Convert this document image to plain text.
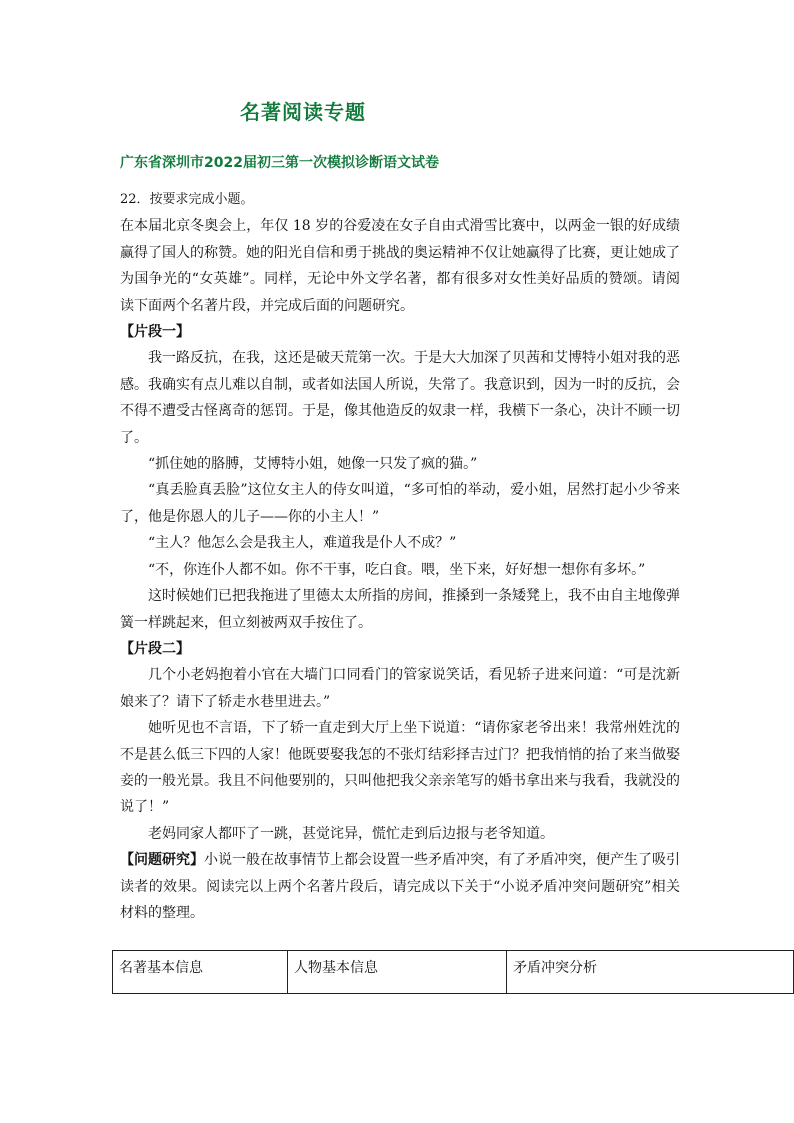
名著阅读专题
广东省深圳市2022届初三第一次模拟诊断语文试卷

22．按要求完成小题。

在本届北京冬奥会上，年仅 18 岁的谷爱凌在女子自由式滑雪比赛中，以两金一银的好成绩赢得了国人的称赞。她的阳光自信和勇于挑战的奥运精神不仅让她赢得了比赛，更让她成了为国争光的“女英雄”。同样，无论中外文学名著，都有很多对女性美好品质的赞颂。请阅读下面两个名著片段，并完成后面的问题研究。

【片段一】

我一路反抗，在我，这还是破天荒第一次。于是大大加深了贝茜和艾博特小姐对我的恶感。我确实有点儿难以自制，或者如法国人所说，失常了。我意识到，因为一时的反抗，会不得不遭受古怪离奇的惩罚。于是，像其他造反的奴隶一样，我横下一条心，决计不顾一切了。

“抓住她的胳膊，艾博特小姐，她像一只发了疯的猫。”

“真丢脸真丢脸”这位女主人的侍女叫道，“多可怕的举动，爱小姐，居然打起小少爷来了，他是你恩人的儿子——你的小主人！”

“主人？他怎么会是我主人，难道我是仆人不成？”

“不，你连仆人都不如。你不干事，吃白食。喂，坐下来，好好想一想你有多坏。”

这时候她们已把我拖进了里德太太所指的房间，推搡到一条矮凳上，我不由自主地像弹簧一样跳起来，但立刻被两双手按住了。

【片段二】

几个小老妈抱着小官在大墙门口同看门的管家说笑话，看见轿子进来问道：“可是沈新娘来了？请下了轿走水巷里进去。”

她听见也不言语，下了轿一直走到大厅上坐下说道：“请你家老爷出来！我常州姓沈的不是甚么低三下四的人家！他既要娶我怎的不张灯结彩择吉过门？把我悄悄的抬了来当做娶妾的一般光景。我且不问他要别的，只叫他把我父亲亲笔写的婚书拿出来与我看，我就没的说了！”

老妈同家人都吓了一跳，甚觉诧异，慌忙走到后边报与老爷知道。

【问题研究】小说一般在故事情节上都会设置一些矛盾冲突，有了矛盾冲突，便产生了吸引读者的效果。阅读完以上两个名著片段后，请完成以下关于“小说矛盾冲突问题研究”相关材料的整理。

名著基本信息	人物基本信息	矛盾冲突分析
